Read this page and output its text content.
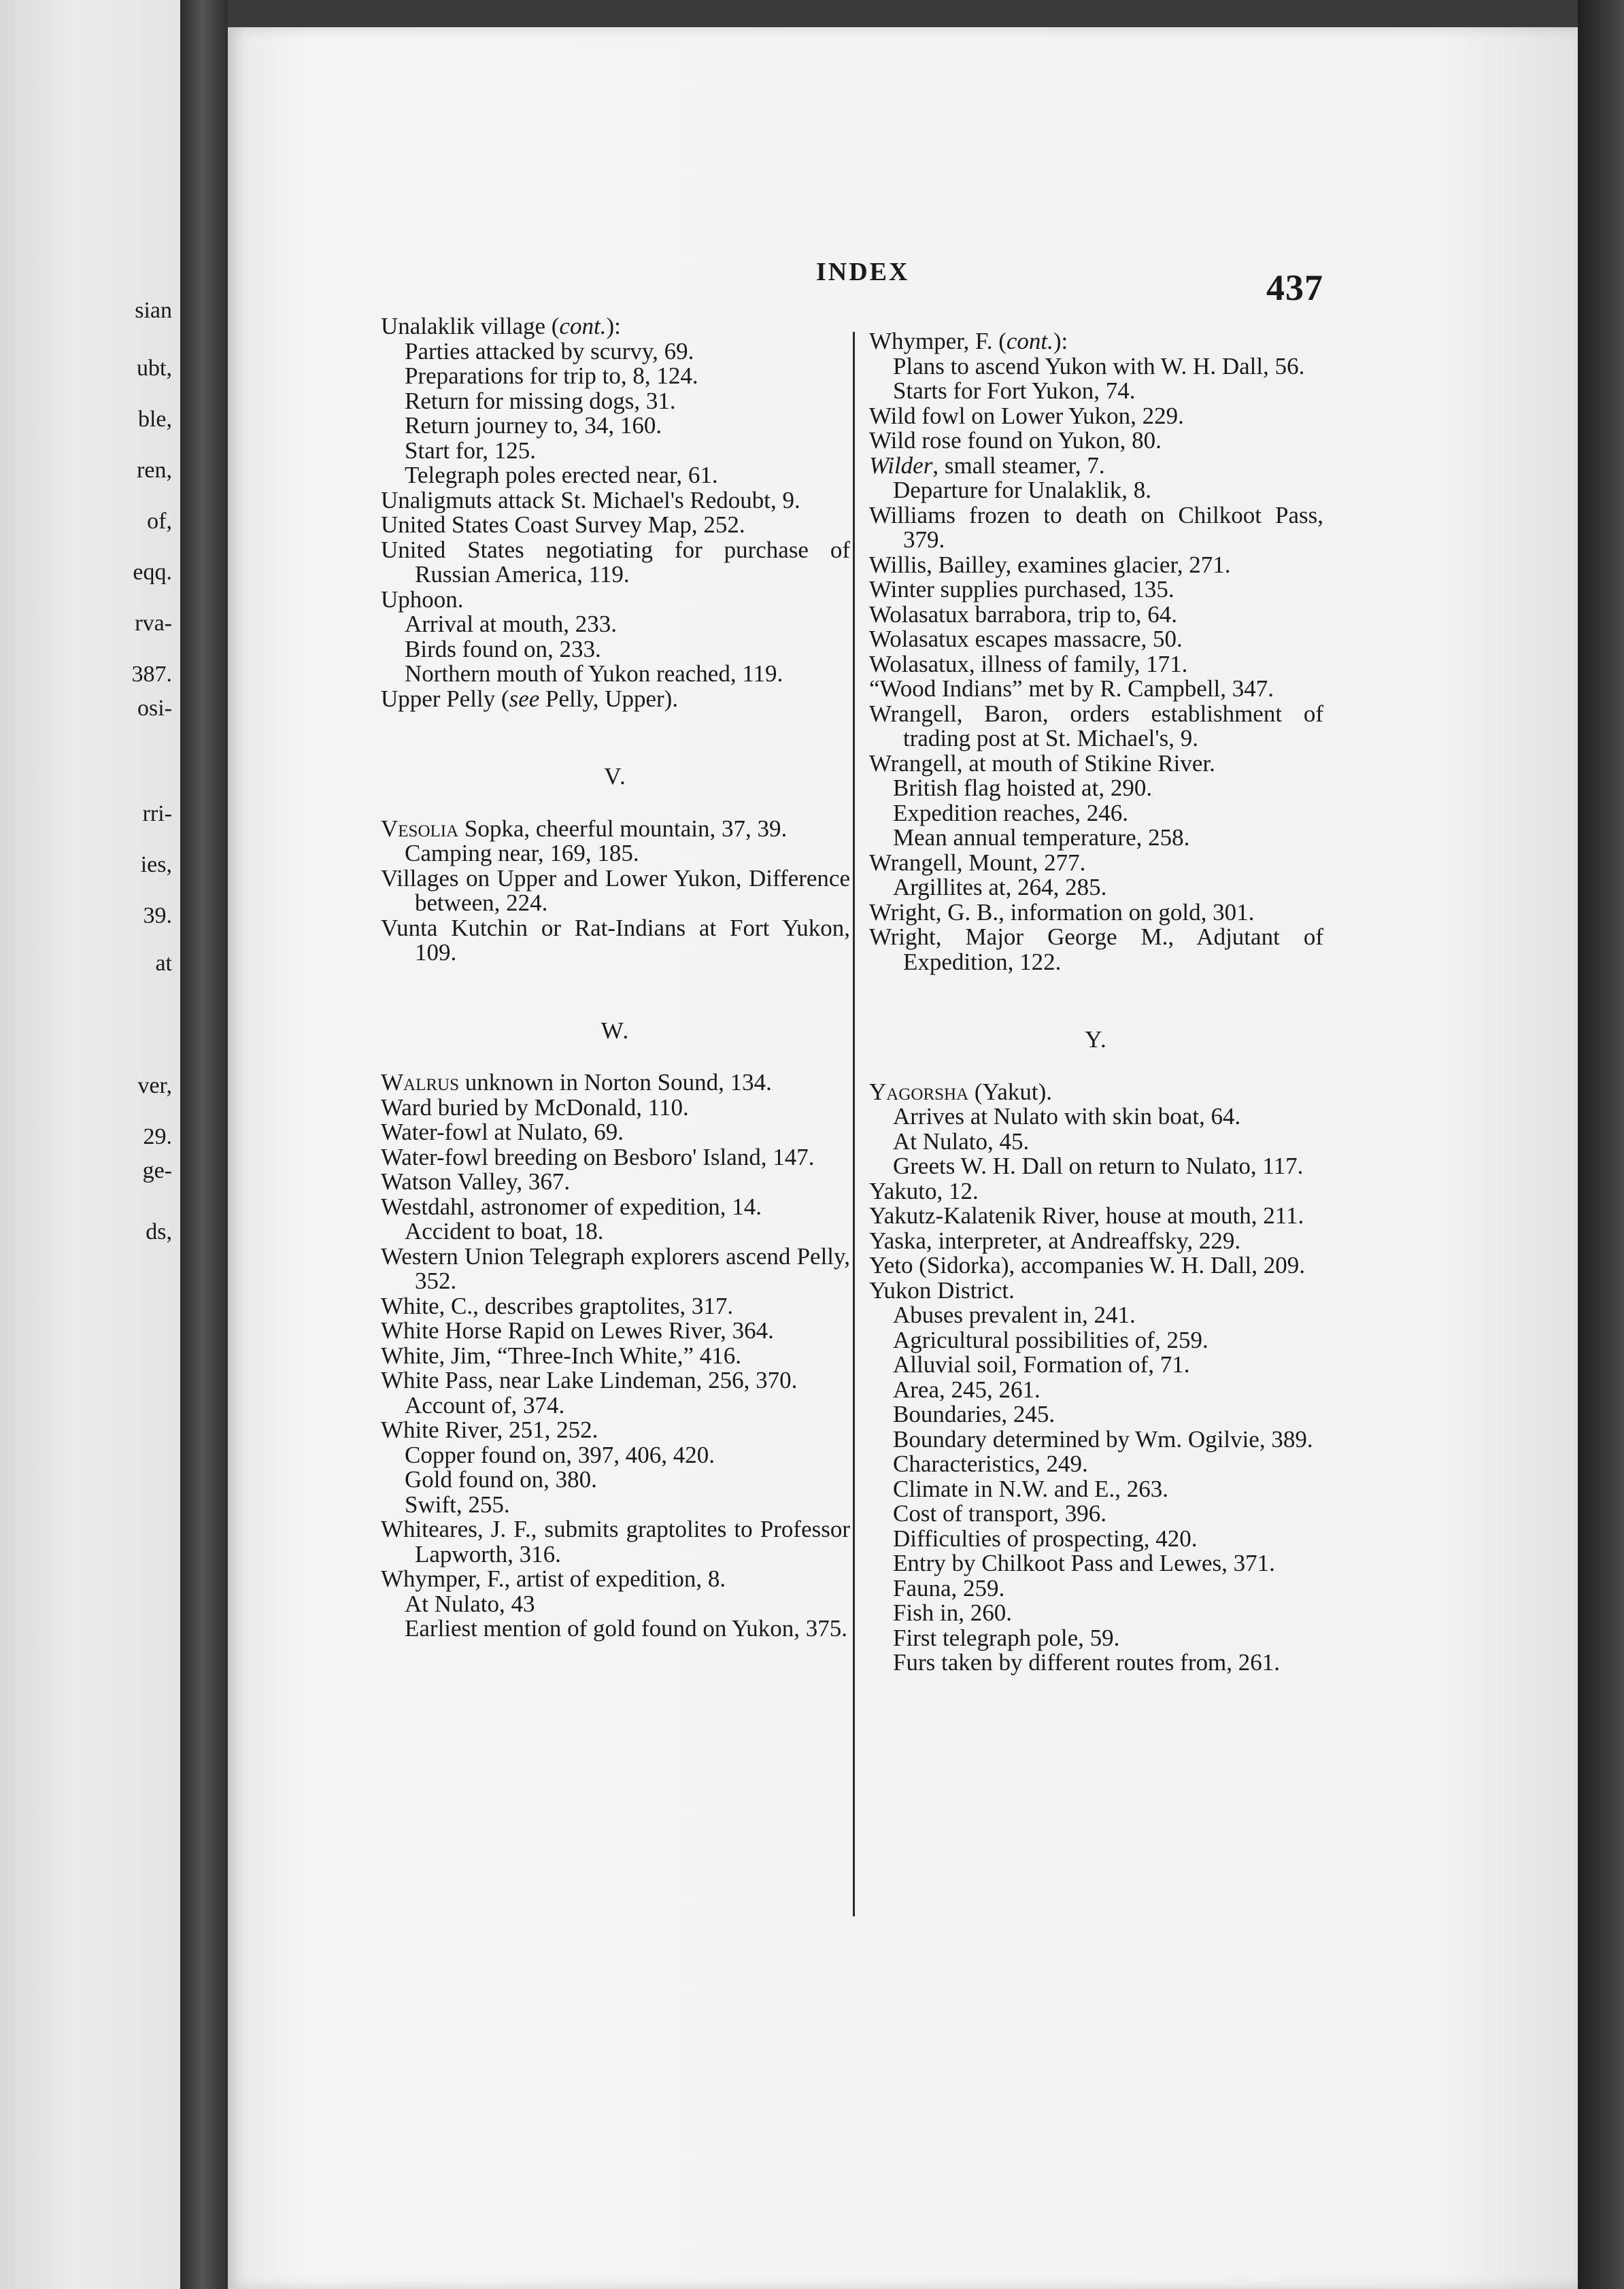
sian
ubt,
ble,
ren,
of,
eqq.
rva-
387.
osi-
rri-
ies,
39.
at
ver,
29.
ge-
ds,
INDEX	437

Unalaklik village (cont.):

Parties attacked by scurvy, 69.

Preparations for trip to, 8, 124.

Return for missing dogs, 31.

Return journey to, 34, 160.

Start for, 125.

Telegraph poles erected near, 61.

Unaligmuts attack St. Michael's Redoubt, 9.

United States Coast Survey Map, 252.

United States negotiating for purchase of Russian America, 119.

Uphoon.

Arrival at mouth, 233.

Birds found on, 233.

Northern mouth of Yukon reached, 119.

Upper Pelly (see Pelly, Upper).

V.

Vesolia Sopka, cheerful mountain, 37, 39.

Camping near, 169, 185.

Villages on Upper and Lower Yukon, Difference between, 224.

Vunta Kutchin or Rat-Indians at Fort Yukon, 109.

W.

Walrus unknown in Norton Sound, 134.

Ward buried by McDonald, 110.

Water-fowl at Nulato, 69.

Water-fowl breeding on Besboro' Island, 147.

Watson Valley, 367.

Westdahl, astronomer of expedition, 14.

Accident to boat, 18.

Western Union Telegraph explorers ascend Pelly, 352.

White, C., describes graptolites, 317.

White Horse Rapid on Lewes River, 364.

White, Jim, “Three-Inch White,” 416.

White Pass, near Lake Lindeman, 256, 370.

Account of, 374.

White River, 251, 252.

Copper found on, 397, 406, 420.

Gold found on, 380.

Swift, 255.

Whiteares, J. F., submits graptolites to Professor Lapworth, 316.

Whymper, F., artist of expedition, 8.

At Nulato, 43

Earliest mention of gold found on Yukon, 375.

Whymper, F. (cont.):

Plans to ascend Yukon with W. H. Dall, 56.

Starts for Fort Yukon, 74.

Wild fowl on Lower Yukon, 229.

Wild rose found on Yukon, 80.

Wilder, small steamer, 7.

Departure for Unalaklik, 8.

Williams frozen to death on Chilkoot Pass, 379.

Willis, Bailley, examines glacier, 271.

Winter supplies purchased, 135.

Wolasatux barrabora, trip to, 64.

Wolasatux escapes massacre, 50.

Wolasatux, illness of family, 171.

“Wood Indians” met by R. Campbell, 347.

Wrangell, Baron, orders establishment of trading post at St. Michael's, 9.

Wrangell, at mouth of Stikine River.

British flag hoisted at, 290.

Expedition reaches, 246.

Mean annual temperature, 258.

Wrangell, Mount, 277.

Argillites at, 264, 285.

Wright, G. B., information on gold, 301.

Wright, Major George M., Adjutant of Expedition, 122.

Y.

Yagorsha (Yakut).

Arrives at Nulato with skin boat, 64.

At Nulato, 45.

Greets W. H. Dall on return to Nulato, 117.

Yakuto, 12.

Yakutz-Kalatenik River, house at mouth, 211.

Yaska, interpreter, at Andreaffsky, 229.

Yeto (Sidorka), accompanies W. H. Dall, 209.

Yukon District.

Abuses prevalent in, 241.

Agricultural possibilities of, 259.

Alluvial soil, Formation of, 71.

Area, 245, 261.

Boundaries, 245.

Boundary determined by Wm. Ogilvie, 389.

Characteristics, 249.

Climate in N.W. and E., 263.

Cost of transport, 396.

Difficulties of prospecting, 420.

Entry by Chilkoot Pass and Lewes, 371.

Fauna, 259.

Fish in, 260.

First telegraph pole, 59.

Furs taken by different routes from, 261.
